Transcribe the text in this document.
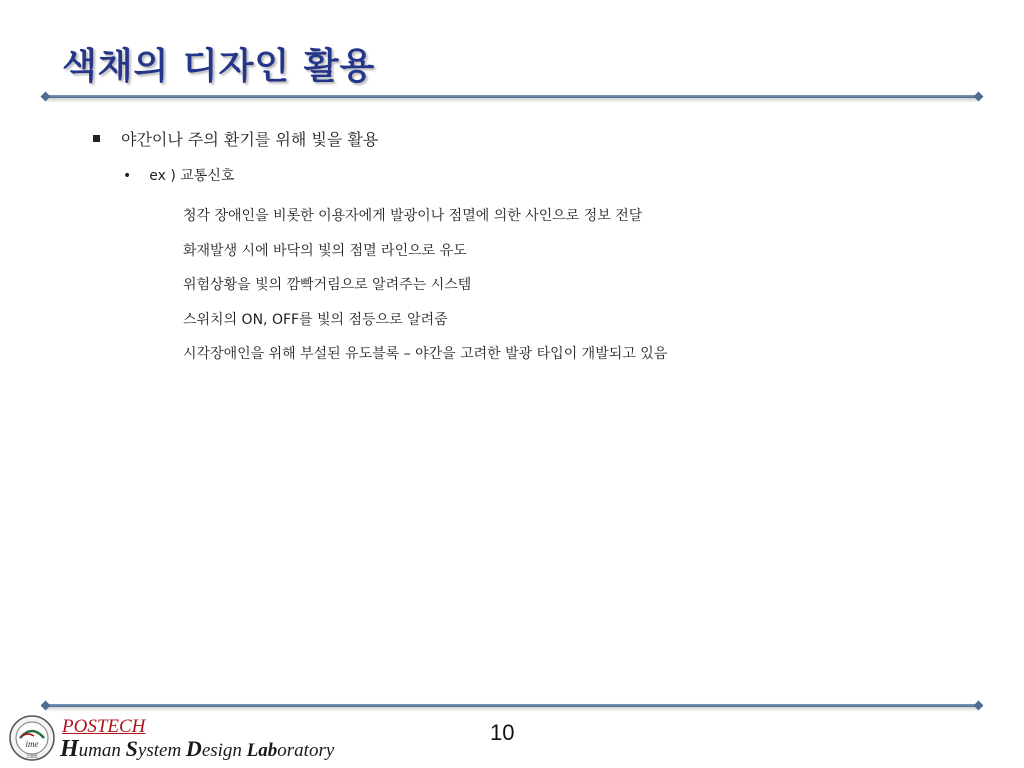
색채의 디자인 활용
야간이나 주의 환기를 위해 빛을 활용
• ex ) 교통신호
청각 장애인을 비롯한 이용자에게 발광이나 점멸에 의한 사인으로 정보 전달
화재발생 시에 바닥의 빛의 점멸 라인으로 유도
위험상황을 빛의 깜빡거림으로 알려주는 시스템
스위치의 ON, OFF를 빛의 점등으로 알려줌
시각장애인을 위해 부설된 유도블록 – 야간을 고려한 발광 타입이 개발되고 있음
ime
1985
POSTECH
Human System Design Laboratory
10
